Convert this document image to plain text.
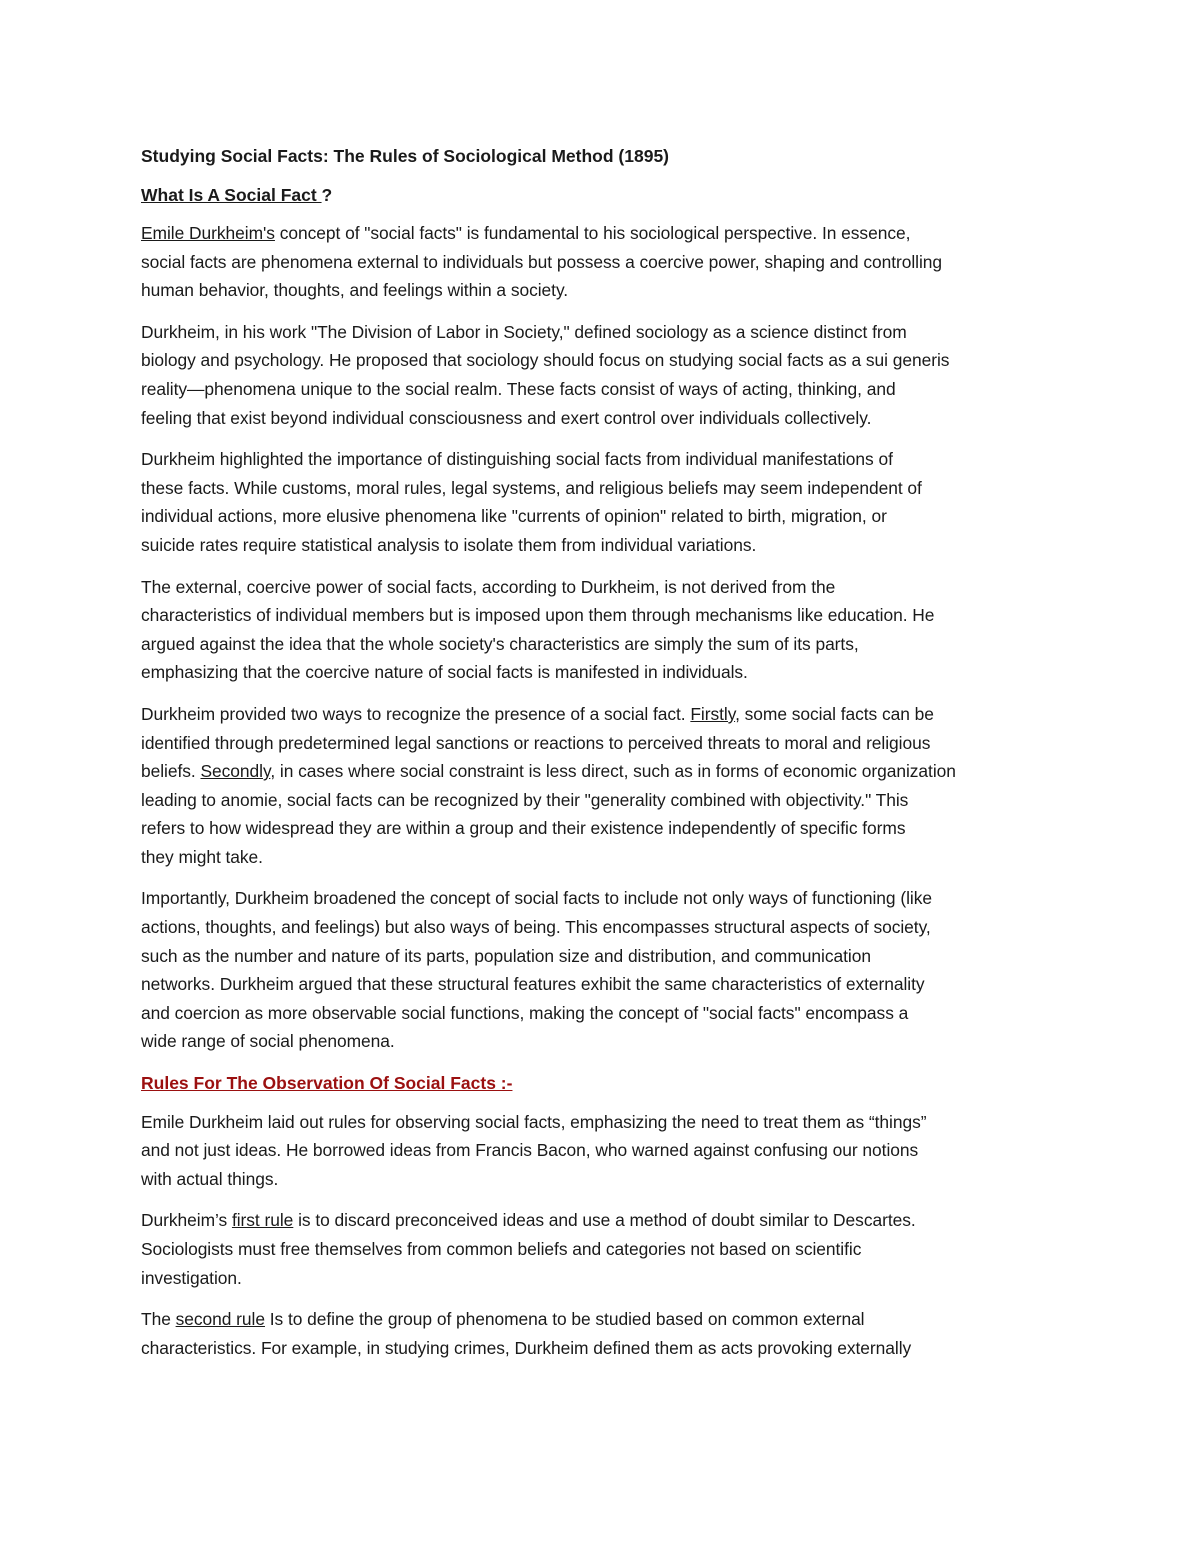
Studying Social Facts: The Rules of Sociological Method (1895)
What Is A Social Fact ?
Emile Durkheim's concept of "social facts" is fundamental to his sociological perspective. In essence,
social facts are phenomena external to individuals but possess a coercive power, shaping and controlling
human behavior, thoughts, and feelings within a society.
Durkheim, in his work "The Division of Labor in Society," defined sociology as a science distinct from
biology and psychology. He proposed that sociology should focus on studying social facts as a sui generis
reality—phenomena unique to the social realm. These facts consist of ways of acting, thinking, and
feeling that exist beyond individual consciousness and exert control over individuals collectively.
Durkheim highlighted the importance of distinguishing social facts from individual manifestations of
these facts. While customs, moral rules, legal systems, and religious beliefs may seem independent of
individual actions, more elusive phenomena like "currents of opinion" related to birth, migration, or
suicide rates require statistical analysis to isolate them from individual variations.
The external, coercive power of social facts, according to Durkheim, is not derived from the
characteristics of individual members but is imposed upon them through mechanisms like education. He
argued against the idea that the whole society's characteristics are simply the sum of its parts,
emphasizing that the coercive nature of social facts is manifested in individuals.
Durkheim provided two ways to recognize the presence of a social fact. Firstly, some social facts can be
identified through predetermined legal sanctions or reactions to perceived threats to moral and religious
beliefs. Secondly, in cases where social constraint is less direct, such as in forms of economic organization
leading to anomie, social facts can be recognized by their "generality combined with objectivity." This
refers to how widespread they are within a group and their existence independently of specific forms
they might take.
Importantly, Durkheim broadened the concept of social facts to include not only ways of functioning (like
actions, thoughts, and feelings) but also ways of being. This encompasses structural aspects of society,
such as the number and nature of its parts, population size and distribution, and communication
networks. Durkheim argued that these structural features exhibit the same characteristics of externality
and coercion as more observable social functions, making the concept of "social facts" encompass a
wide range of social phenomena.
Rules For The Observation Of Social Facts :-
Emile Durkheim laid out rules for observing social facts, emphasizing the need to treat them as “things”
and not just ideas. He borrowed ideas from Francis Bacon, who warned against confusing our notions
with actual things.
Durkheim’s first rule is to discard preconceived ideas and use a method of doubt similar to Descartes.
Sociologists must free themselves from common beliefs and categories not based on scientific
investigation.
The second rule Is to define the group of phenomena to be studied based on common external
characteristics. For example, in studying crimes, Durkheim defined them as acts provoking externally
